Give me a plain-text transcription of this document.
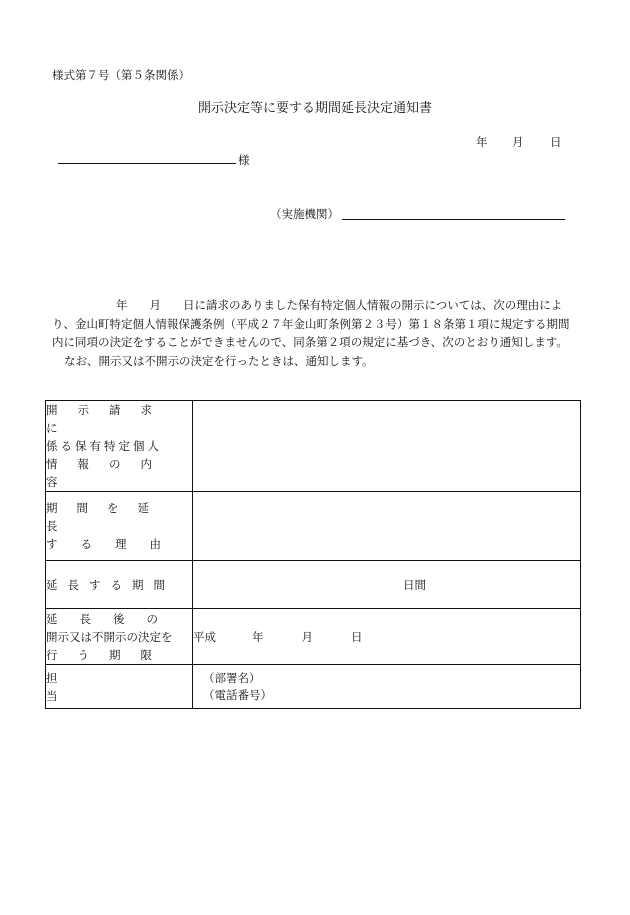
様式第７号（第５条関係）
開示決定等に要する期間延長決定通知書
年 月 日
様
（実施機関）

年 月 日に請求のありました保有特定個人情報の開示については、次の理由により、金山町特定個人情報保護条例（平成２７年金山町条例第２３号）第１８条第１項に規定する期間内に同項の決定をすることができませんので、同条第２項の規定に基づき、次のとおり通知します。

なお、開示又は不開示の決定を行ったときは、通知します。

開示請求に
係る保有特定個人
情報の内容	

期間を延長
する理由	

延長する期間	日間

延長後の
開示又は不開示の決定を
行う期限	平成 年 月 日

担当	（部署名）
（電話番号）
